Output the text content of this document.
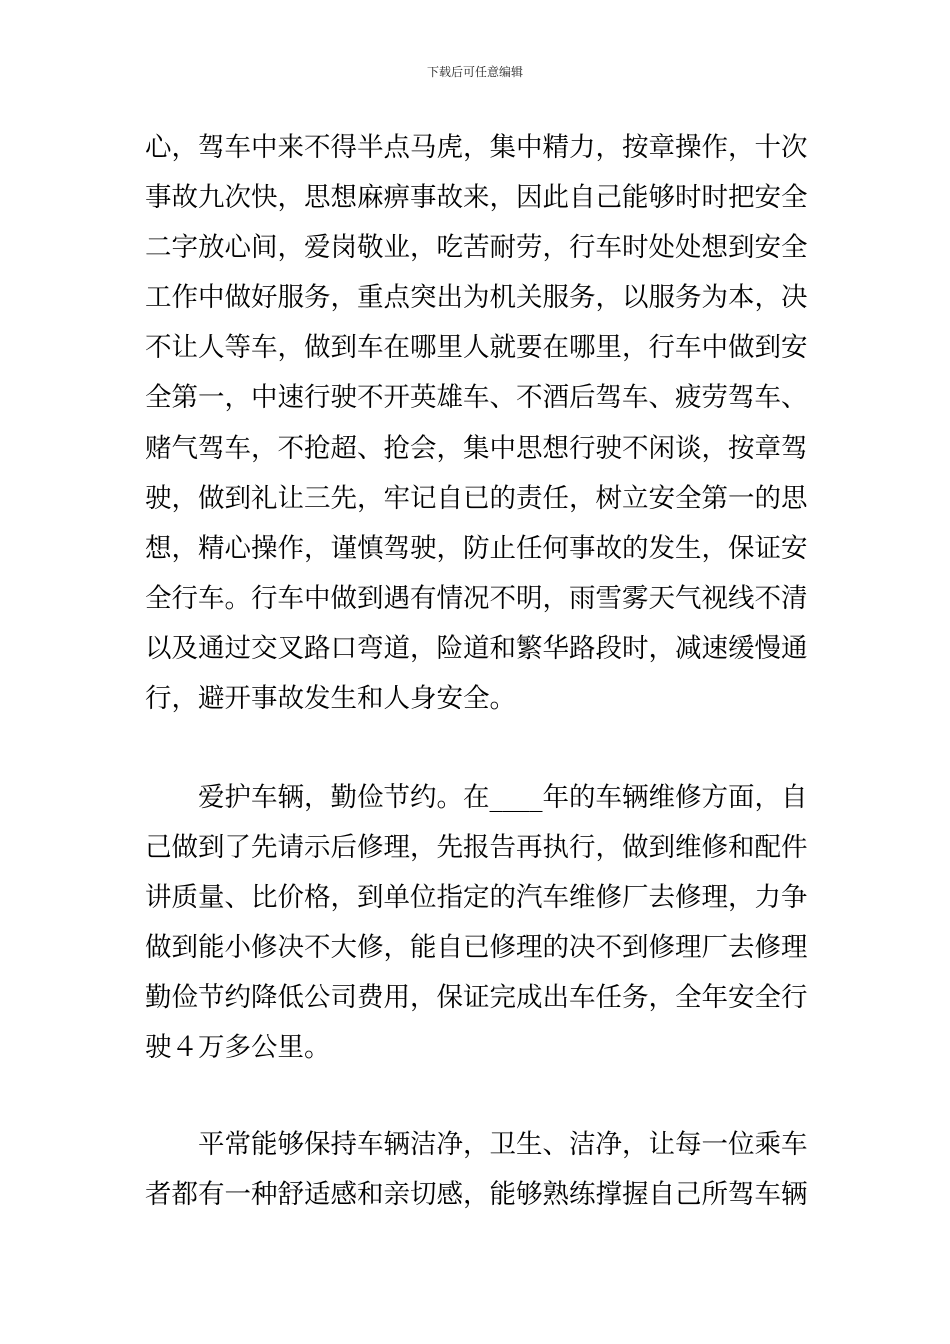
下载后可任意编辑
心，驾车中来不得半点马虎，集中精力，按章操作，十次
事故九次快，思想麻痹事故来，因此自己能够时时把安全
二字放心间，爱岗敬业，吃苦耐劳，行车时处处想到安全
工作中做好服务，重点突出为机关服务，以服务为本，决
不让人等车，做到车在哪里人就要在哪里，行车中做到安
全第一，中速行驶不开英雄车、不酒后驾车、疲劳驾车、
赌气驾车，不抢超、抢会，集中思想行驶不闲谈，按章驾
驶，做到礼让三先，牢记自已的责任，树立安全第一的思
想，精心操作，谨慎驾驶，防止任何事故的发生，保证安
全行车。行车中做到遇有情况不明，雨雪雾天气视线不清
以及通过交叉路口弯道，险道和繁华路段时，减速缓慢通
行，避开事故发生和人身安全。
　　爱护车辆，勤俭节约。在____年的车辆维修方面，自
己做到了先请示后修理，先报告再执行，做到维修和配件
讲质量、比价格，到单位指定的汽车维修厂去修理，力争
做到能小修决不大修，能自已修理的决不到修理厂去修理
勤俭节约降低公司费用，保证完成出车任务，全年安全行
驶４万多公里。
　　平常能够保持车辆洁净，卫生、洁净，让每一位乘车
者都有一种舒适感和亲切感，能够熟练撑握自己所驾车辆
